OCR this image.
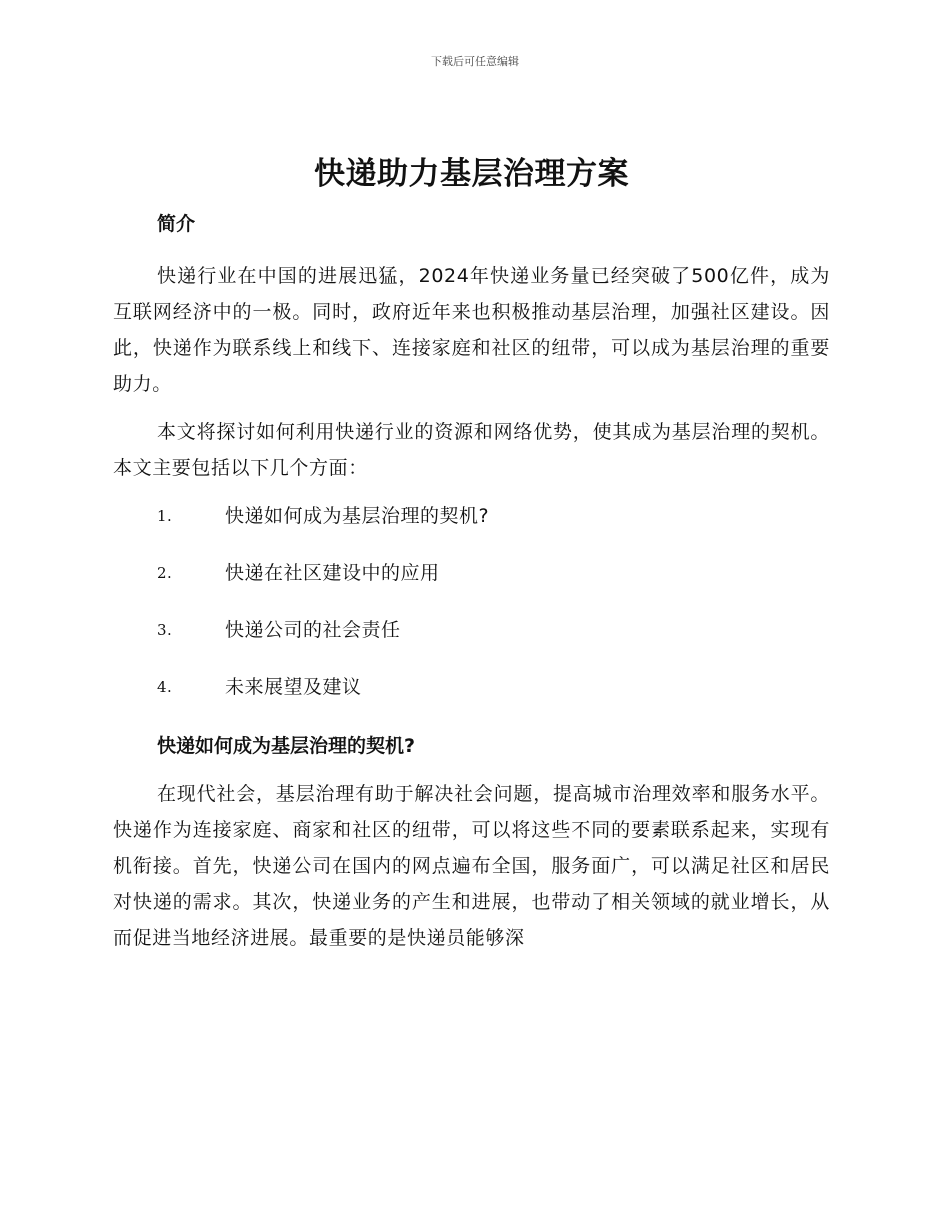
下载后可任意编辑
快递助力基层治理方案
简介

快递行业在中国的进展迅猛，2024年快递业务量已经突破了500亿件，成为互联网经济中的一极。同时，政府近年来也积极推动基层治理，加强社区建设。因此，快递作为联系线上和线下、连接家庭和社区的纽带，可以成为基层治理的重要助力。

本文将探讨如何利用快递行业的资源和网络优势，使其成为基层治理的契机。本文主要包括以下几个方面：

1.	快递如何成为基层治理的契机?
2.	快递在社区建设中的应用
3.	快递公司的社会责任
4.	未来展望及建议
快递如何成为基层治理的契机?

在现代社会，基层治理有助于解决社会问题，提高城市治理效率和服务水平。快递作为连接家庭、商家和社区的纽带，可以将这些不同的要素联系起来，实现有机衔接。首先，快递公司在国内的网点遍布全国，服务面广，可以满足社区和居民对快递的需求。其次，快递业务的产生和进展，也带动了相关领域的就业增长，从而促进当地经济进展。最重要的是快递员能够深
